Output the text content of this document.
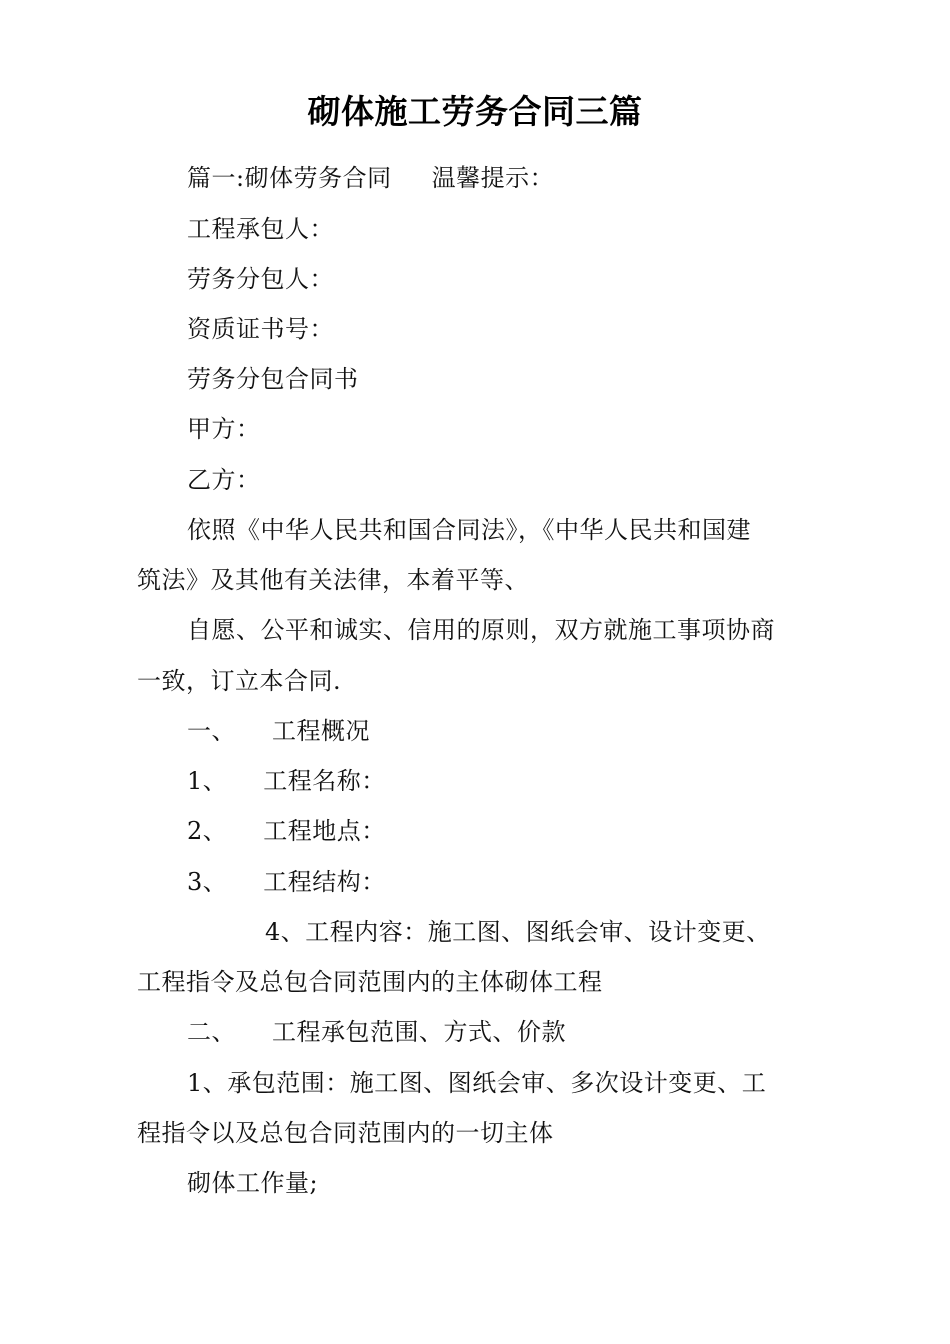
砌体施工劳务合同三篇
篇一:砌体劳务合同 温馨提示：
工程承包人：
劳务分包人：
资质证书号：
劳务分包合同书
甲方：
乙方：
依照《中华人民共和国合同法》，《中华人民共和国建
筑法》及其他有关法律，本着平等、
自愿、公平和诚实、信用的原则，双方就施工事项协商
一致，订立本合同.
一、 工程概况
1、 工程名称：
2、 工程地点：
3、 工程结构：
4、工程内容：施工图、图纸会审、设计变更、
工程指令及总包合同范围内的主体砌体工程
二、 工程承包范围、方式、价款
1、承包范围：施工图、图纸会审、多次设计变更、工
程指令以及总包合同范围内的一切主体
砌体工作量;
